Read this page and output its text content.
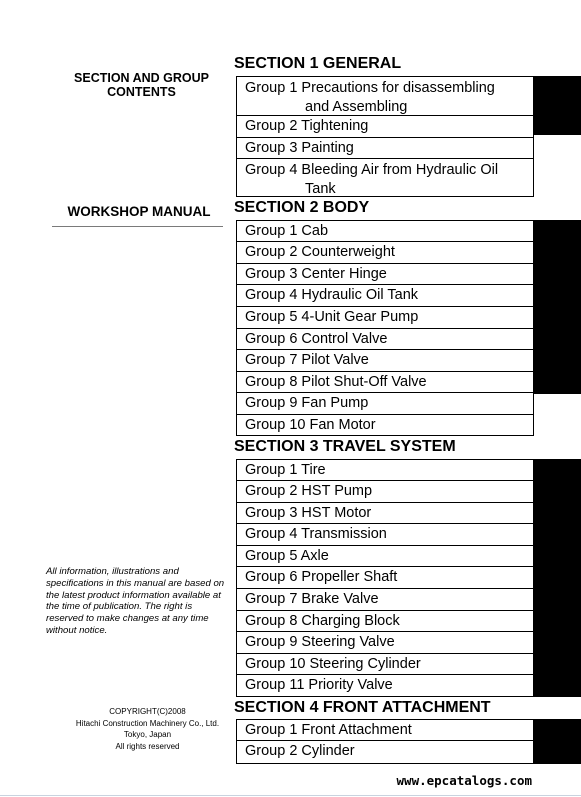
SECTION AND GROUP
CONTENTS
WORKSHOP MANUAL
All information, illustrations and specifications in this manual are based on the latest product information available at the time of publication. The right is reserved to make changes at any time without notice.
COPYRIGHT(C)2008
Hitachi Construction Machinery Co., Ltd.
Tokyo, Japan
All rights reserved
SECTION 1 GENERAL
Group 1 Precautions for disassembling
and Assembling
Group 2 Tightening
Group 3 Painting
Group 4 Bleeding Air from Hydraulic Oil
Tank
SECTION 2 BODY
Group 1 Cab
Group 2 Counterweight
Group 3 Center Hinge
Group 4 Hydraulic Oil Tank
Group 5 4-Unit Gear Pump
Group 6 Control Valve
Group 7 Pilot Valve
Group 8 Pilot Shut-Off Valve
Group 9 Fan Pump
Group 10 Fan Motor
SECTION 3 TRAVEL SYSTEM
Group 1 Tire
Group 2 HST Pump
Group 3 HST Motor
Group 4 Transmission
Group 5 Axle
Group 6 Propeller Shaft
Group 7 Brake Valve
Group 8 Charging Block
Group 9 Steering Valve
Group 10 Steering Cylinder
Group 11 Priority Valve
SECTION 4 FRONT ATTACHMENT
Group 1 Front Attachment
Group 2 Cylinder
www.epcatalogs.com
